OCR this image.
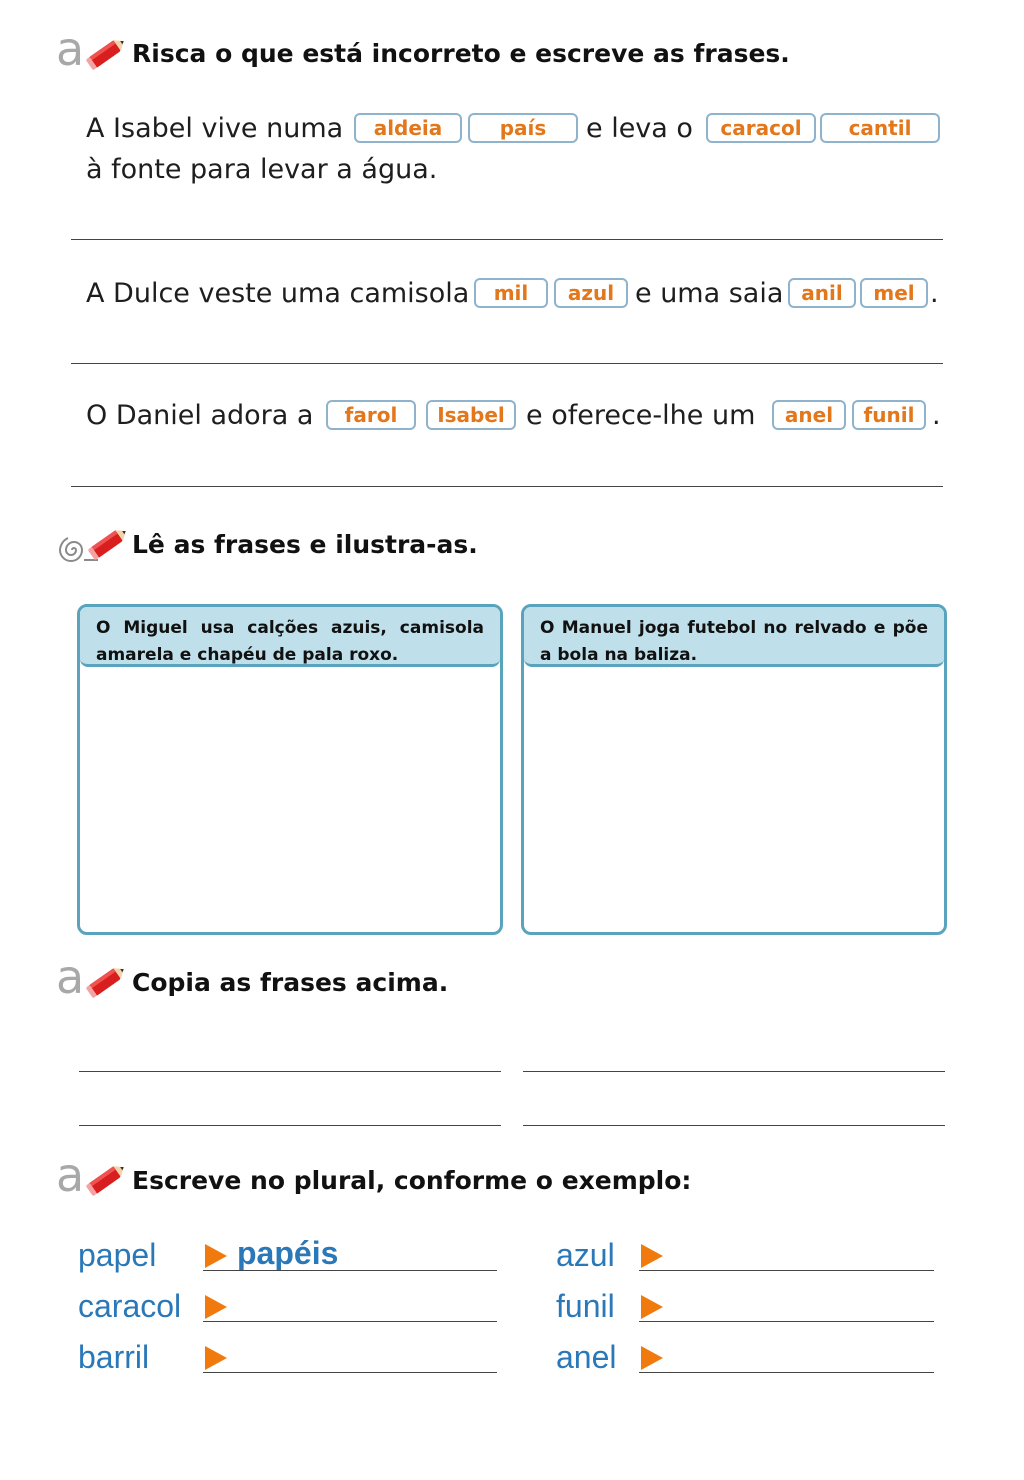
a Risca o que está incorreto e escreve as frases.
A Isabel vive numa	aldeia	país	e leva o	caracol	cantil
à fonte para levar a água.
A Dulce veste uma camisola	mil	azul e uma saia anil	mel .
O Daniel adora a	farol	Isabel e oferece-lhe um	anel	funil .
Lê as frases e ilustra-as.
O Miguel usa calções azuis, camisola amarela e chapéu de pala roxo.
O Manuel joga futebol no relvado e põe a bola na baliza.
a Copia as frases acima.
a Escreve no plural, conforme o exemplo:
papel	papéis
caracol
barril
azul
funil
anel
